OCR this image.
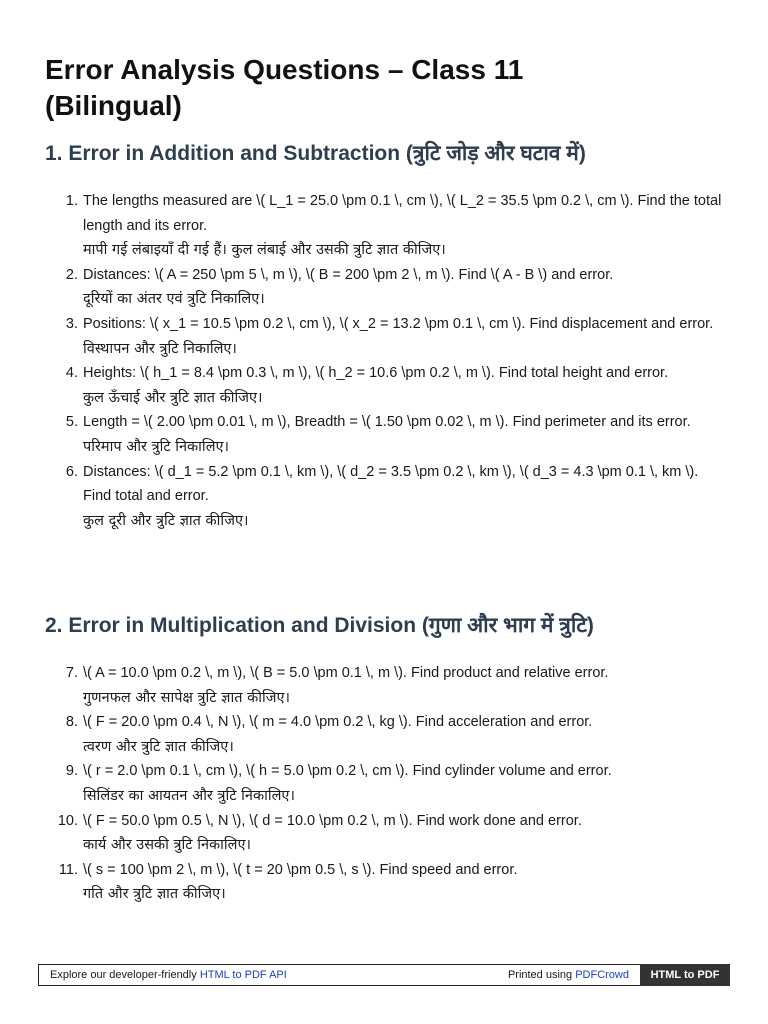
Error Analysis Questions – Class 11
(Bilingual)
1. Error in Addition and Subtraction (त्रुटि जोड़ और घटाव में)
1. The lengths measured are \( L_1 = 25.0 \pm 0.1 \, cm \), \( L_2 = 35.5 \pm 0.2 \, cm \). Find the total length and its error.
मापी गई लंबाइयाँ दी गई हैं। कुल लंबाई और उसकी त्रुटि ज्ञात कीजिए।
2. Distances: \( A = 250 \pm 5 \, m \), \( B = 200 \pm 2 \, m \). Find \( A - B \) and error.
दूरियों का अंतर एवं त्रुटि निकालिए।
3. Positions: \( x_1 = 10.5 \pm 0.2 \, cm \), \( x_2 = 13.2 \pm 0.1 \, cm \). Find displacement and error.
विस्थापन और त्रुटि निकालिए।
4. Heights: \( h_1 = 8.4 \pm 0.3 \, m \), \( h_2 = 10.6 \pm 0.2 \, m \). Find total height and error.
कुल ऊँचाई और त्रुटि ज्ञात कीजिए।
5. Length = \( 2.00 \pm 0.01 \, m \), Breadth = \( 1.50 \pm 0.02 \, m \). Find perimeter and its error.
परिमाप और त्रुटि निकालिए।
6. Distances: \( d_1 = 5.2 \pm 0.1 \, km \), \( d_2 = 3.5 \pm 0.2 \, km \), \( d_3 = 4.3 \pm 0.1 \, km \). Find total and error.
कुल दूरी और त्रुटि ज्ञात कीजिए।
2. Error in Multiplication and Division (गुणा और भाग में त्रुटि)
7. \( A = 10.0 \pm 0.2 \, m \), \( B = 5.0 \pm 0.1 \, m \). Find product and relative error.
गुणनफल और सापेक्ष त्रुटि ज्ञात कीजिए।
8. \( F = 20.0 \pm 0.4 \, N \), \( m = 4.0 \pm 0.2 \, kg \). Find acceleration and error.
त्वरण और त्रुटि ज्ञात कीजिए।
9. \( r = 2.0 \pm 0.1 \, cm \), \( h = 5.0 \pm 0.2 \, cm \). Find cylinder volume and error.
सिलिंडर का आयतन और त्रुटि निकालिए।
10. \( F = 50.0 \pm 0.5 \, N \), \( d = 10.0 \pm 0.2 \, m \). Find work done and error.
कार्य और उसकी त्रुटि निकालिए।
11. \( s = 100 \pm 2 \, m \), \( t = 20 \pm 0.5 \, s \). Find speed and error.
गति और त्रुटि ज्ञात कीजिए।
Explore our developer-friendly HTML to PDF API	Printed using PDFCrowd	HTML to PDF
